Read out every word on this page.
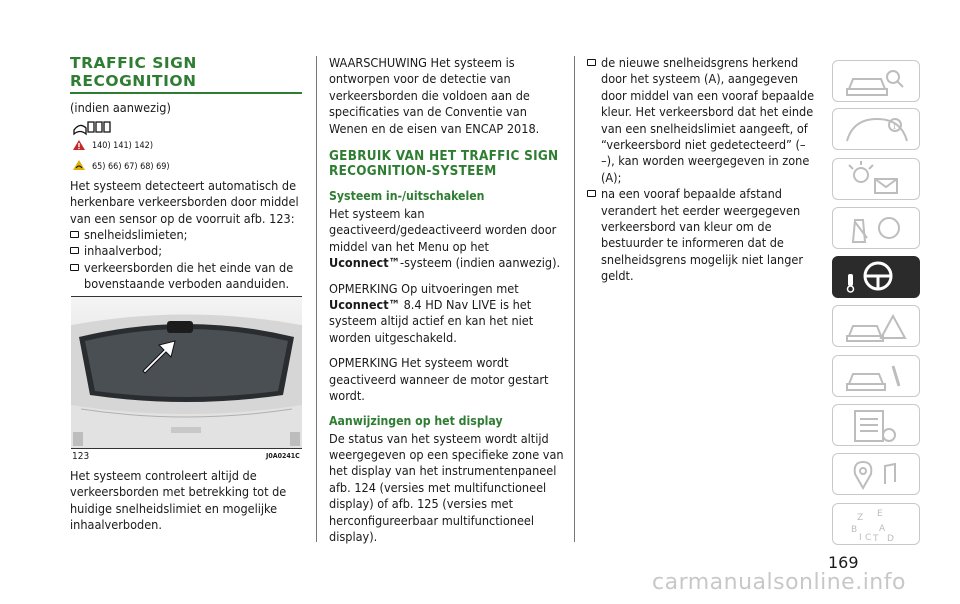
TRAFFIC SIGN RECOGNITION
(indien aanwezig)
140) 141) 142)
65) 66) 67) 68) 69)
Het systeem detecteert automatisch de herkenbare verkeersborden door middel van een sensor op de voorruit afb. 123:
snelheidslimieten;
inhaalverbod;
verkeersborden die het einde van de bovenstaande verboden aanduiden.
123	J0A0241C
Het systeem controleert altijd de verkeersborden met betrekking tot de huidige snelheidslimiet en mogelijke inhaalverboden.
WAARSCHUWING Het systeem is ontworpen voor de detectie van verkeersborden die voldoen aan de specificaties van de Conventie van Wenen en de eisen van ENCAP 2018.
GEBRUIK VAN HET TRAFFIC SIGN RECOGNITION-SYSTEEM
Systeem in-/uitschakelen
Het systeem kan geactiveerd/gedeactiveerd worden door middel van het Menu op het Uconnect™-systeem (indien aanwezig).
OPMERKING Op uitvoeringen met Uconnect™ 8.4 HD Nav LIVE is het systeem altijd actief en kan het niet worden uitgeschakeld.
OPMERKING Het systeem wordt geactiveerd wanneer de motor gestart wordt.
Aanwijzingen op het display
De status van het systeem wordt altijd weergegeven op een specifieke zone van het display van het instrumentenpaneel afb. 124 (versies met multifunctioneel display) of afb. 125 (versies met herconfigureerbaar multifunctioneel display).
de nieuwe snelheidsgrens herkend door het systeem (A), aangegeven door middel van een vooraf bepaalde kleur. Het verkeersbord dat het einde van een snelheidslimiet aangeeft, of “verkeersbord niet gedetecteerd” (– –), kan worden weergegeven in zone (A);
na een vooraf bepaalde afstand verandert het eerder weergegeven verkeersbord van kleur om de bestuurder te informeren dat de snelheidsgrens mogelijk niet langer geldt.
i
Z E
B A
C
I T D
169
carmanualsonline.info
